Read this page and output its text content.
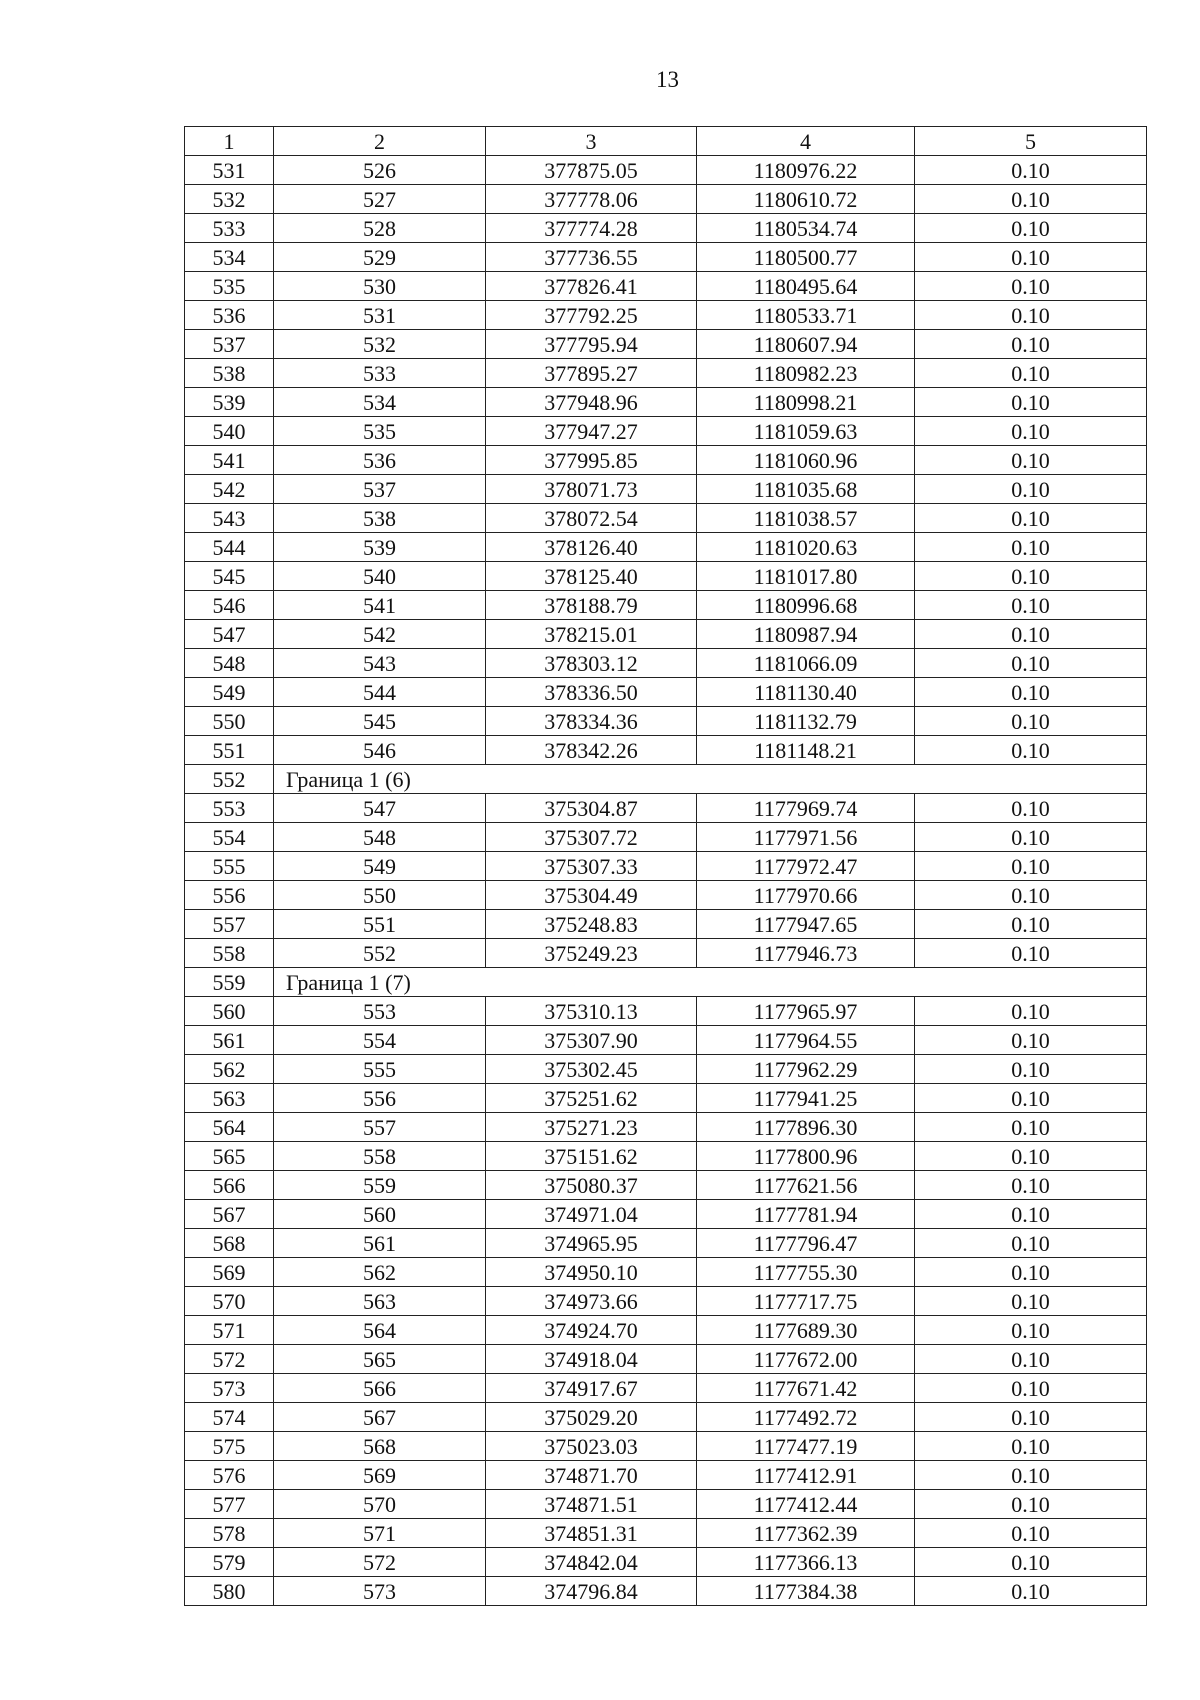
13
1	2	3	4	5
531	526	377875.05	1180976.22	0.10
532	527	377778.06	1180610.72	0.10
533	528	377774.28	1180534.74	0.10
534	529	377736.55	1180500.77	0.10
535	530	377826.41	1180495.64	0.10
536	531	377792.25	1180533.71	0.10
537	532	377795.94	1180607.94	0.10
538	533	377895.27	1180982.23	0.10
539	534	377948.96	1180998.21	0.10
540	535	377947.27	1181059.63	0.10
541	536	377995.85	1181060.96	0.10
542	537	378071.73	1181035.68	0.10
543	538	378072.54	1181038.57	0.10
544	539	378126.40	1181020.63	0.10
545	540	378125.40	1181017.80	0.10
546	541	378188.79	1180996.68	0.10
547	542	378215.01	1180987.94	0.10
548	543	378303.12	1181066.09	0.10
549	544	378336.50	1181130.40	0.10
550	545	378334.36	1181132.79	0.10
551	546	378342.26	1181148.21	0.10
552	Граница 1 (6)			
553	547	375304.87	1177969.74	0.10
554	548	375307.72	1177971.56	0.10
555	549	375307.33	1177972.47	0.10
556	550	375304.49	1177970.66	0.10
557	551	375248.83	1177947.65	0.10
558	552	375249.23	1177946.73	0.10
559	Граница 1 (7)			
560	553	375310.13	1177965.97	0.10
561	554	375307.90	1177964.55	0.10
562	555	375302.45	1177962.29	0.10
563	556	375251.62	1177941.25	0.10
564	557	375271.23	1177896.30	0.10
565	558	375151.62	1177800.96	0.10
566	559	375080.37	1177621.56	0.10
567	560	374971.04	1177781.94	0.10
568	561	374965.95	1177796.47	0.10
569	562	374950.10	1177755.30	0.10
570	563	374973.66	1177717.75	0.10
571	564	374924.70	1177689.30	0.10
572	565	374918.04	1177672.00	0.10
573	566	374917.67	1177671.42	0.10
574	567	375029.20	1177492.72	0.10
575	568	375023.03	1177477.19	0.10
576	569	374871.70	1177412.91	0.10
577	570	374871.51	1177412.44	0.10
578	571	374851.31	1177362.39	0.10
579	572	374842.04	1177366.13	0.10
580	573	374796.84	1177384.38	0.10
